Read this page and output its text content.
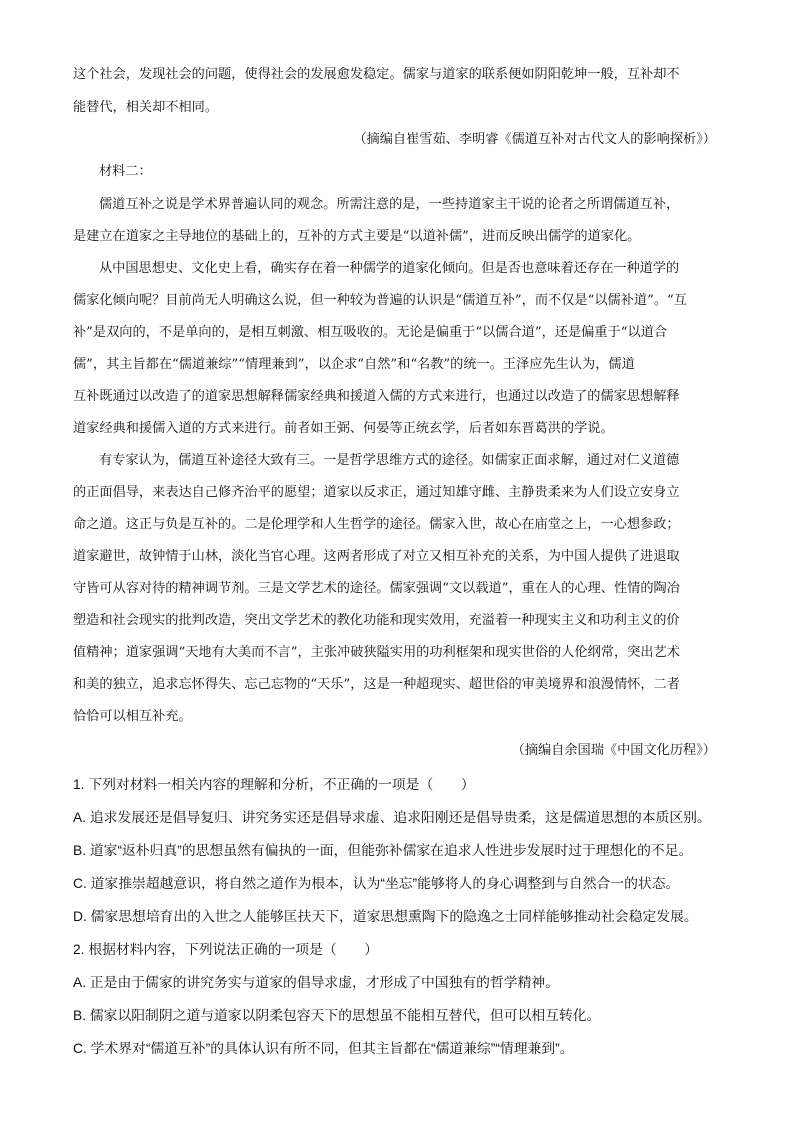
这个社会，发现社会的问题，使得社会的发展愈发稳定。儒家与道家的联系便如阴阳乾坤一般，互补却不
能替代，相关却不相同。
（摘编自崔雪茹、李明睿《儒道互补对古代文人的影响探析》）
材料二：
儒道互补之说是学术界普遍认同的观念。所需注意的是，一些持道家主干说的论者之所谓儒道互补，
是建立在道家之主导地位的基础上的，互补的方式主要是“以道补儒”，进而反映出儒学的道家化。
从中国思想史、文化史上看，确实存在着一种儒学的道家化倾向。但是否也意味着还存在一种道学的
儒家化倾向呢？目前尚无人明确这么说，但一种较为普遍的认识是“儒道互补”，而不仅是“以儒补道”。“互
补”是双向的，不是单向的，是相互刺激、相互吸收的。无论是偏重于“以儒合道”，还是偏重于“以道合
儒”，其主旨都在“儒道兼综”“情理兼到”，以企求“自然”和“名教”的统一。王泽应先生认为，儒道
互补既通过以改造了的道家思想解释儒家经典和援道入儒的方式来进行，也通过以改造了的儒家思想解释
道家经典和援儒入道的方式来进行。前者如王弼、何晏等正统玄学，后者如东晋葛洪的学说。
有专家认为，儒道互补途径大致有三。一是哲学思维方式的途径。如儒家正面求解，通过对仁义道德
的正面倡导，来表达自己修齐治平的愿望；道家以反求正，通过知雄守雌、主静贵柔来为人们设立安身立
命之道。这正与负是互补的。二是伦理学和人生哲学的途径。儒家入世，故心在庙堂之上，一心想参政；
道家避世，故钟情于山林，淡化当官心理。这两者形成了对立又相互补充的关系，为中国人提供了进退取
守皆可从容对待的精神调节剂。三是文学艺术的途径。儒家强调“文以载道”，重在人的心理、性情的陶冶
塑造和社会现实的批判改造，突出文学艺术的教化功能和现实效用，充溢着一种现实主义和功利主义的价
值精神；道家强调“天地有大美而不言”，主张冲破狭隘实用的功利框架和现实世俗的人伦纲常，突出艺术
和美的独立，追求忘怀得失、忘己忘物的“天乐”，这是一种超现实、超世俗的审美境界和浪漫情怀，二者
恰恰可以相互补充。
（摘编自余国瑞《中国文化历程》）
1. 下列对材料一相关内容的理解和分析，不正确的一项是（　　）
A. 追求发展还是倡导复归、讲究务实还是倡导求虚、追求阳刚还是倡导贵柔，这是儒道思想的本质区别。
B. 道家“返朴归真”的思想虽然有偏执的一面，但能弥补儒家在追求人性进步发展时过于理想化的不足。
C. 道家推崇超越意识，将自然之道作为根本，认为“坐忘”能够将人的身心调整到与自然合一的状态。
D. 儒家思想培育出的入世之人能够匡扶天下，道家思想熏陶下的隐逸之士同样能够推动社会稳定发展。
2. 根据材料内容，下列说法正确的一项是（　　）
A. 正是由于儒家的讲究务实与道家的倡导求虚，才形成了中国独有的哲学精神。
B. 儒家以阳制阴之道与道家以阴柔包容天下的思想虽不能相互替代，但可以相互转化。
C. 学术界对“儒道互补”的具体认识有所不同，但其主旨都在“儒道兼综”“情理兼到”。
